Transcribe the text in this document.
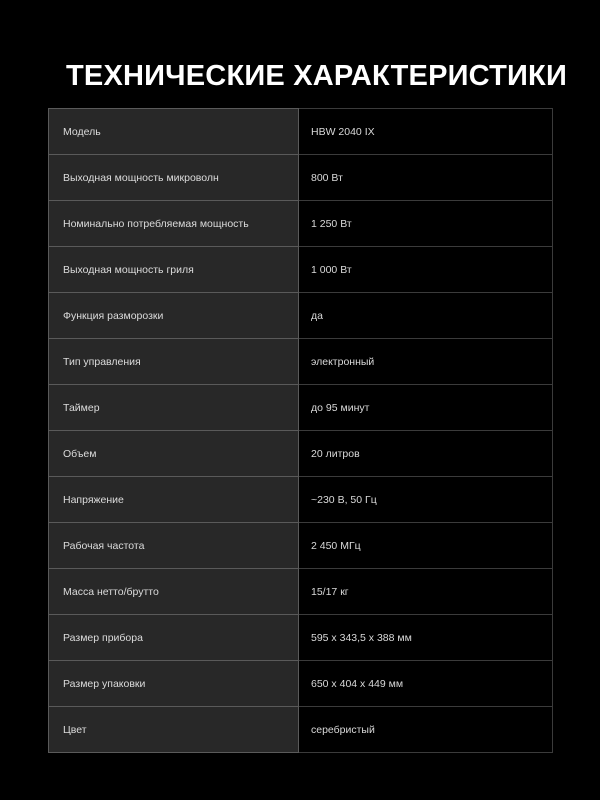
ТЕХНИЧЕСКИЕ ХАРАКТЕРИСТИКИ
Модель	HBW 2040 IX
Выходная мощность микроволн	800 Вт
Номинально потребляемая мощность	1 250 Вт
Выходная мощность гриля	1 000 Вт
Функция разморозки	да
Тип управления	электронный
Таймер	до 95 минут
Объем	20 литров
Напряжение	~230 В, 50 Гц
Рабочая частота	2 450 МГц
Масса нетто/брутто	15/17 кг
Размер прибора	595 x 343,5 x 388 мм
Размер упаковки	650 x 404 x 449 мм
Цвет	серебристый
